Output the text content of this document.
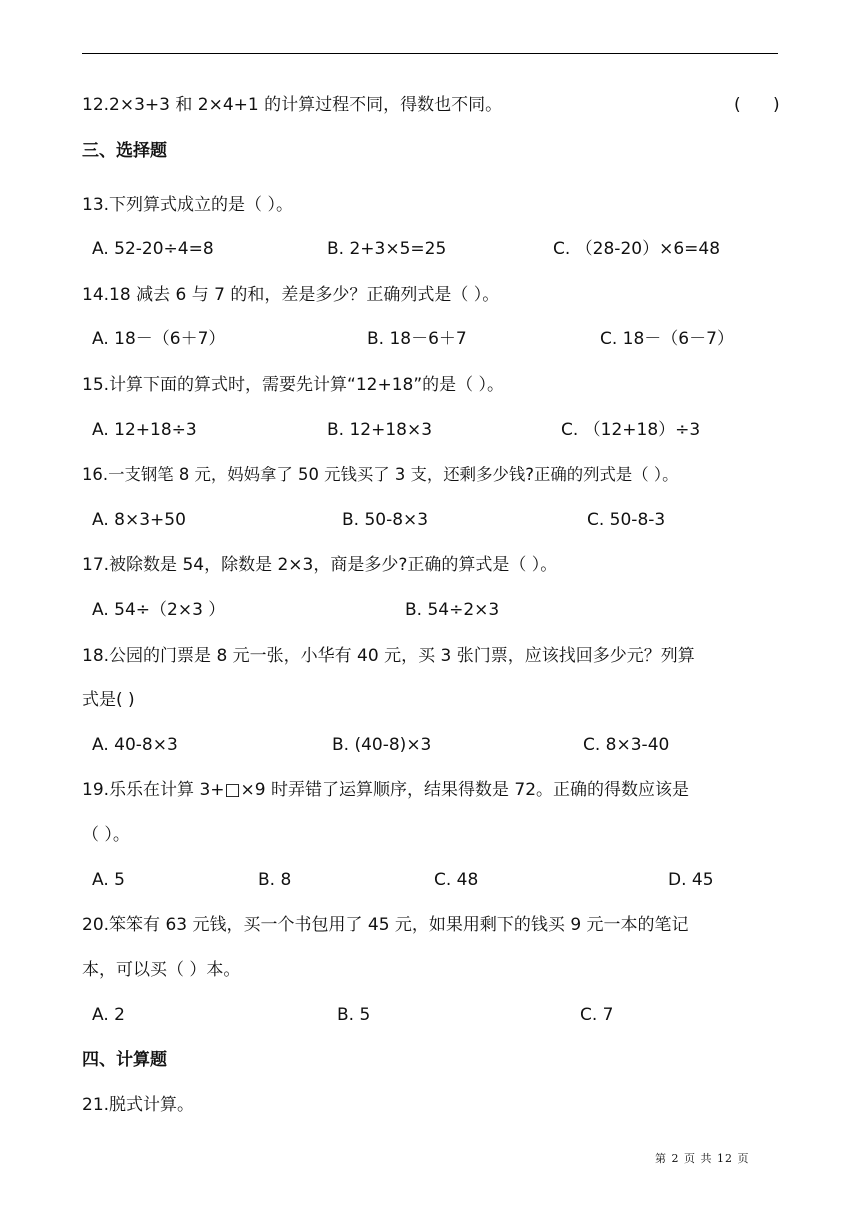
12.2×3+3 和 2×4+1 的计算过程不同，得数也不同。	(      )
三、选择题
13.下列算式成立的是（ ）。
A. 52-20÷4=8	B. 2+3×5=25	C. （28-20）×6=48
14.18 减去 6 与 7 的和，差是多少？正确列式是（ ）。
A. 18－（6＋7）	B. 18－6＋7	C. 18－（6－7）
15.计算下面的算式时，需要先计算“12+18”的是（ ）。
A. 12+18÷3	B. 12+18×3	C. （12+18）÷3
16.一支钢笔 8 元，妈妈拿了 50 元钱买了 3 支，还剩多少钱?正确的列式是（ ）。
A. 8×3+50	B. 50-8×3	C. 50-8-3
17.被除数是 54，除数是 2×3，商是多少?正确的算式是（ ）。
A. 54÷（2×3 ）	B. 54÷2×3
18.公园的门票是 8 元一张，小华有 40 元，买 3 张门票，应该找回多少元？列算
式是( )
A. 40-8×3	B. (40-8)×3	C. 8×3-40
19.乐乐在计算 3+□×9 时弄错了运算顺序，结果得数是 72。正确的得数应该是
（ ）。
A. 5	B. 8	C. 48	D. 45
20.笨笨有 63 元钱，买一个书包用了 45 元，如果用剩下的钱买 9 元一本的笔记
本，可以买（ ）本。
A. 2	B. 5	C. 7
四、计算题
21.脱式计算。
第 2 页 共 12 页
